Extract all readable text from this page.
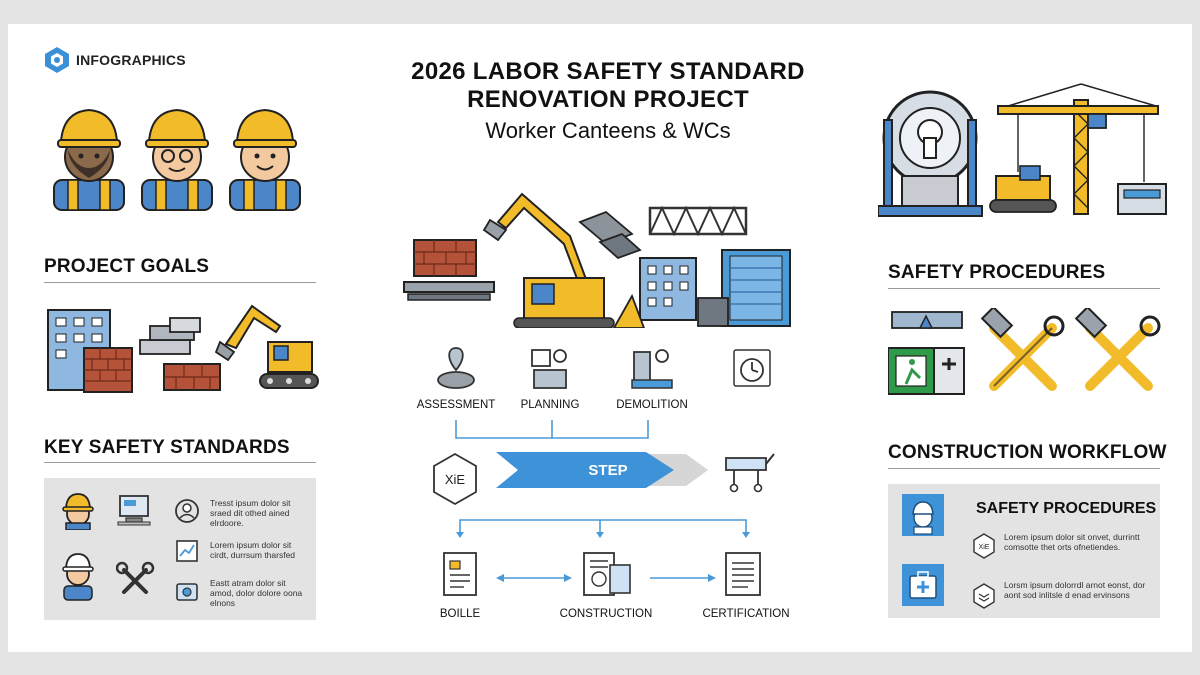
INFOGRAPHICS	2026 LABOR SAFETY STANDARD
RENOVATION PROJECT
Worker Canteens & WCs
PROJECT GOALS
KEY SAFETY STANDARDS
Tresst ipsum dolor sit sraed dit othed ained elrdoore.
Lorem ipsum dolor sit cirdt, durrsum tharsfed
Eastt atram dolor sit amod, dolor dolore oona elnons
ASSESSMENT	PLANNING	DEMOLITION
XiE
STEP
BOILLE	CONSTRUCTION	CERTIFICATION
SAFETY PROCEDURES
CONSTRUCTION WORKFLOW
SAFETY PROCEDURES
XiE
Lorem ipsum dolor sit onvet, durrintt comsotte thet orts ofnetiendes.
Lorsm ipsum dolorrdl arnot eonst, dor aont sod inlitsle d enad ervinsons
